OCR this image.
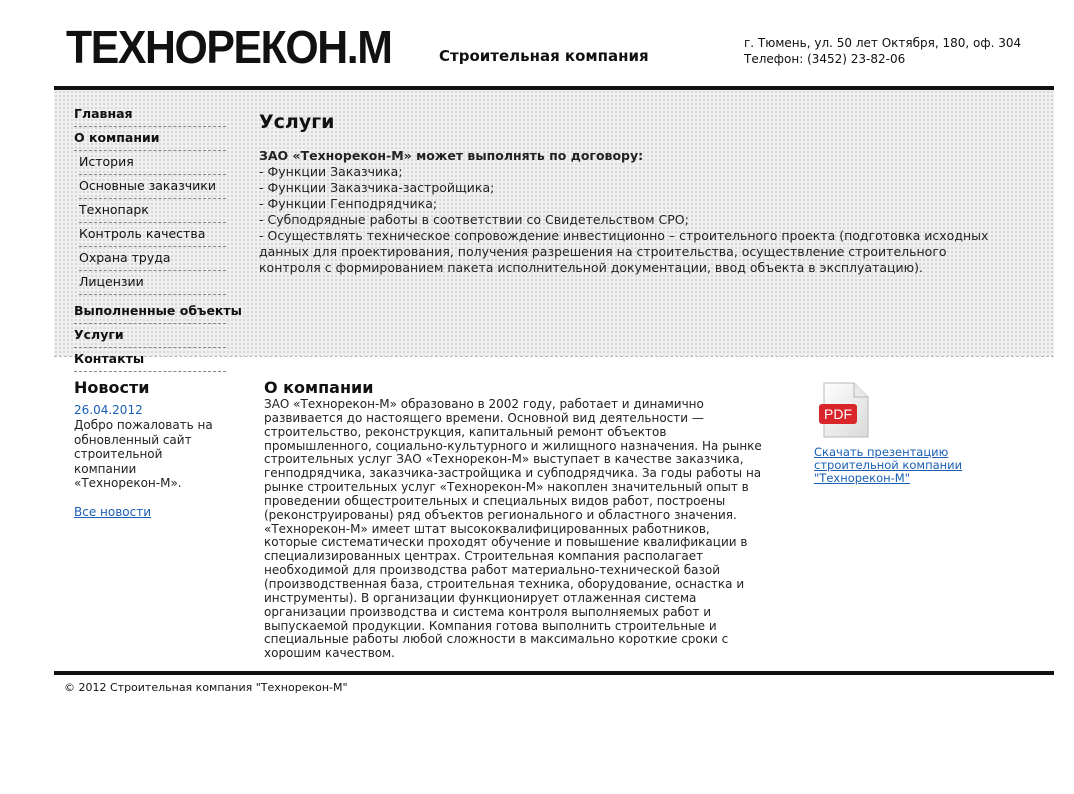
ТЕХНОРЕКОН.М	Строительная компания
г. Тюмень, ул. 50 лет Октября, 180, оф. 304
Телефон: (3452) 23-82-06
Главная
О компании
История
Основные заказчики
Технопарк
Контроль качества
Охрана труда
Лицензии
Выполненные объекты
Услуги
Контакты
Услуги
ЗАО «Технорекон-М» может выполнять по договору:
- Функции Заказчика;
- Функции Заказчика-застройщика;
- Функции Генподрядчика;
- Субподрядные работы в соответствии со Свидетельством СРО;
- Осуществлять техническое сопровождение инвестиционно – строительного проекта (подготовка исходных данных для проектирования, получения разрешения на строительства, осуществление строительного контроля с формированием пакета исполнительной документации, ввод объекта в эксплуатацию).
Новости
26.04.2012
Добро пожаловать на обновленный сайт строительной компании «Технорекон-М».
Все новости
О компании
ЗАО «Технорекон-М» образовано в 2002 году, работает и динамично развивается до настоящего времени. Основной вид деятельности — строительство, реконструкция, капитальный ремонт объектов промышленного, социально-культурного и жилищного назначения. На рынке строительных услуг ЗАО «Технорекон-М» выступает в качестве заказчика, генподрядчика, заказчика-застройщика и субподрядчика. За годы работы на рынке строительных услуг «Технорекон-М» накоплен значительный опыт в проведении общестроительных и специальных видов работ, построены (реконструированы) ряд объектов регионального и областного значения. «Технорекон-М» имеет штат высококвалифицированных работников, которые систематически проходят обучение и повышение квалификации в специализированных центрах. Строительная компания располагает необходимой для производства работ материально-технической базой (производственная база, строительная техника, оборудование, оснастка и инструменты). В организации функционирует отлаженная система организации производства и система контроля выполняемых работ и выпускаемой продукции. Компания готова выполнить строительные и специальные работы любой сложности в максимально короткие сроки с хорошим качеством.
PDF
Скачать презентацию строительной компании "Технорекон-М"
© 2012 Строительная компания "Технорекон-М"
